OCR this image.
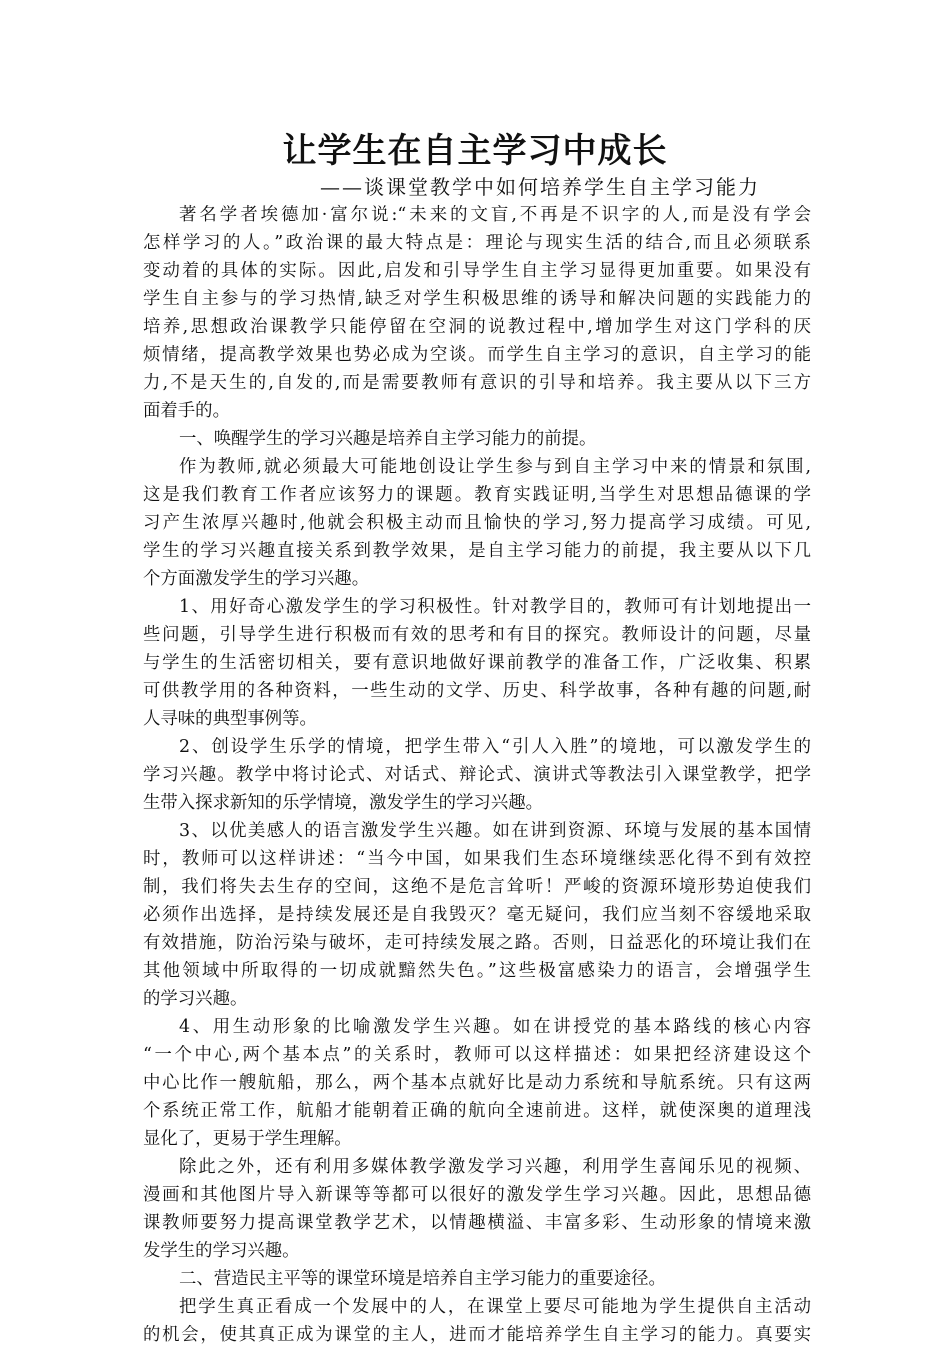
让学生在自主学习中成长
——谈课堂教学中如何培养学生自主学习能力
著名学者埃德加·富尔说:“未来的文盲,不再是不识字的人,而是没有学会
怎样学习的人。”政治课的最大特点是：理论与现实生活的结合,而且必须联系
变动着的具体的实际。因此,启发和引导学生自主学习显得更加重要。如果没有
学生自主参与的学习热情,缺乏对学生积极思维的诱导和解决问题的实践能力的
培养,思想政治课教学只能停留在空洞的说教过程中,增加学生对这门学科的厌
烦情绪，提高教学效果也势必成为空谈。而学生自主学习的意识，自主学习的能
力,不是天生的,自发的,而是需要教师有意识的引导和培养。我主要从以下三方
面着手的。
一、唤醒学生的学习兴趣是培养自主学习能力的前提。
作为教师,就必须最大可能地创设让学生参与到自主学习中来的情景和氛围,
这是我们教育工作者应该努力的课题。教育实践证明,当学生对思想品德课的学
习产生浓厚兴趣时,他就会积极主动而且愉快的学习,努力提高学习成绩。可见,
学生的学习兴趣直接关系到教学效果，是自主学习能力的前提，我主要从以下几
个方面激发学生的学习兴趣。
1、用好奇心激发学生的学习积极性。针对教学目的，教师可有计划地提出一
些问题，引导学生进行积极而有效的思考和有目的探究。教师设计的问题，尽量
与学生的生活密切相关，要有意识地做好课前教学的准备工作，广泛收集、积累
可供教学用的各种资料，一些生动的文学、历史、科学故事，各种有趣的问题,耐
人寻味的典型事例等。
2、创设学生乐学的情境，把学生带入“引人入胜”的境地，可以激发学生的
学习兴趣。教学中将讨论式、对话式、辩论式、演讲式等教法引入课堂教学，把学
生带入探求新知的乐学情境，激发学生的学习兴趣。
3、以优美感人的语言激发学生兴趣。如在讲到资源、环境与发展的基本国情
时，教师可以这样讲述：“当今中国，如果我们生态环境继续恶化得不到有效控
制，我们将失去生存的空间，这绝不是危言耸听！严峻的资源环境形势迫使我们
必须作出选择，是持续发展还是自我毁灭？毫无疑问，我们应当刻不容缓地采取
有效措施，防治污染与破坏，走可持续发展之路。否则，日益恶化的环境让我们在
其他领域中所取得的一切成就黯然失色。”这些极富感染力的语言，会增强学生
的学习兴趣。
4、用生动形象的比喻激发学生兴趣。如在讲授党的基本路线的核心内容
“一个中心,两个基本点”的关系时，教师可以这样描述：如果把经济建设这个
中心比作一艘航船，那么，两个基本点就好比是动力系统和导航系统。只有这两
个系统正常工作，航船才能朝着正确的航向全速前进。这样，就使深奥的道理浅
显化了，更易于学生理解。
除此之外，还有利用多媒体教学激发学习兴趣，利用学生喜闻乐见的视频、
漫画和其他图片导入新课等等都可以很好的激发学生学习兴趣。因此，思想品德
课教师要努力提高课堂教学艺术，以情趣横溢、丰富多彩、生动形象的情境来激
发学生的学习兴趣。
二、营造民主平等的课堂环境是培养自主学习能力的重要途径。
把学生真正看成一个发展中的人，在课堂上要尽可能地为学生提供自主活动
的机会，使其真正成为课堂的主人，进而才能培养学生自主学习的能力。真要实
